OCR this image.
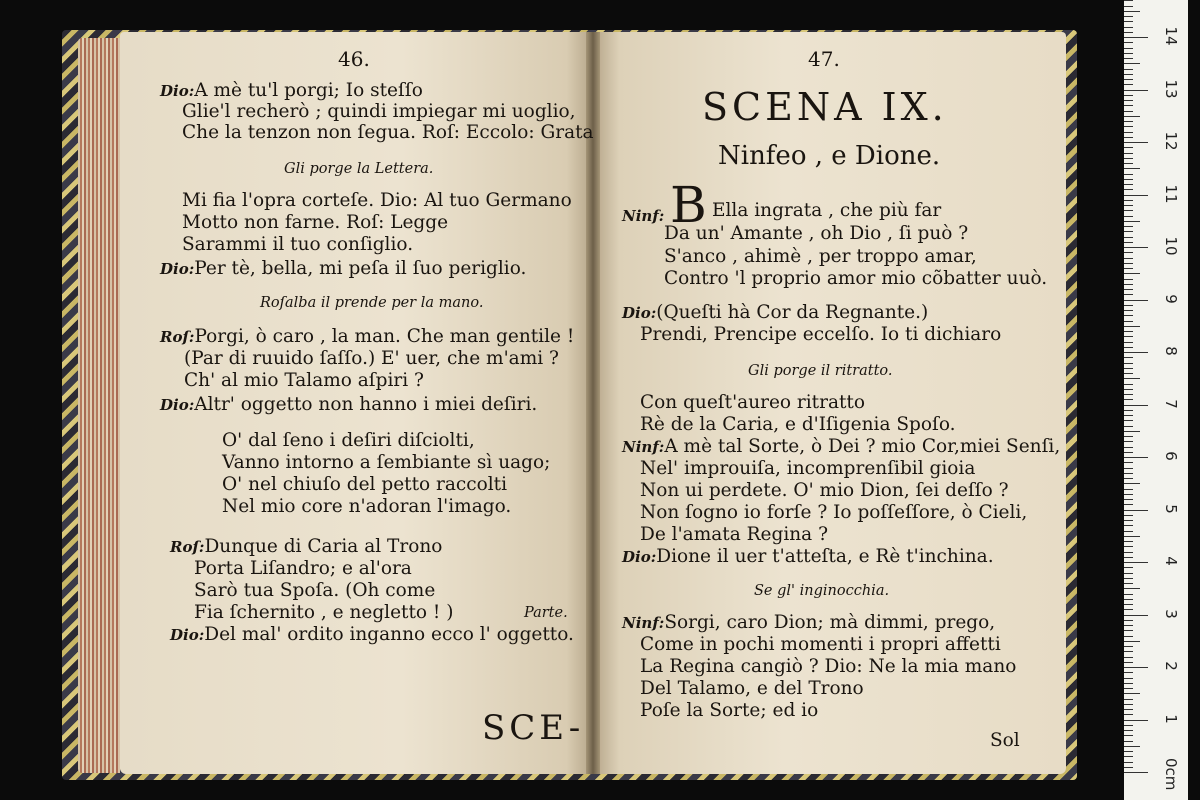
46.
Dio:A mè tu'l porgi; Io steſſo
Glie'l recherò ; quindi impiegar mi uoglio,
Che la tenzon non ſegua. Roſ: Eccolo: Grata
Gli porge la Lettera.
Mi fia l'opra corteſe. Dio: Al tuo Germano
Motto non farne. Roſ: Legge
Sarammi il tuo conſiglio.
Dio:Per tè, bella, mi peſa il ſuo periglio.
Roſalba il prende per la mano.
Roſ:Porgi, ò caro , la man. Che man gentile !
(Par di ruuido ſaſſo.) E' uer, che m'ami ?
Ch' al mio Talamo aſpiri ?
Dio:Altr' oggetto non hanno i miei deſiri.
O' dal ſeno i deſiri diſciolti,
Vanno intorno a ſembiante sì uago;
O' nel chiuſo del petto raccolti
Nel mio core n'adoran l'imago.
Roſ:Dunque di Caria al Trono
Porta Liſandro; e al'ora
Sarò tua Spoſa. (Oh come
Fia ſchernito , e negletto ! )	Parte.
Dio:Del mal' ordito inganno ecco l' oggetto.
SCE-
47.
SCENA IX.
Ninfeo , e Dione.
Ninf: B Ella ingrata , che più far
Da un' Amante , oh Dio , ſi può ?
S'anco , ahimè , per troppo amar,
Contro 'l proprio amor mio cõbatter uuò.
Dio:(Queſti hà Cor da Regnante.)
Prendi, Prencipe eccelſo. Io ti dichiaro
Gli porge il ritratto.
Con queſt'aureo ritratto
Rè de la Caria, e d'Iſigenia Spoſo.
Ninf:A mè tal Sorte, ò Dei ? mio Cor,miei Senſi,
Nel' improuiſa, incomprenſibil gioia
Non ui perdete. O' mio Dion, ſei deſſo ?
Non ſogno io forſe ? Io poſſeſſore, ò Cieli,
De l'amata Regina ?
Dio:Dione il uer t'atteſta, e Rè t'inchina.
Se gl' inginocchia.
Ninf:Sorgi, caro Dion; mà dimmi, prego,
Come in pochi momenti i propri affetti
La Regina cangiò ? Dio: Ne la mia mano
Del Talamo, e del Trono
Poſe la Sorte; ed io
Sol
0cm
1
2
3
4
5
6
7
8
9
10
11
12
13
14
